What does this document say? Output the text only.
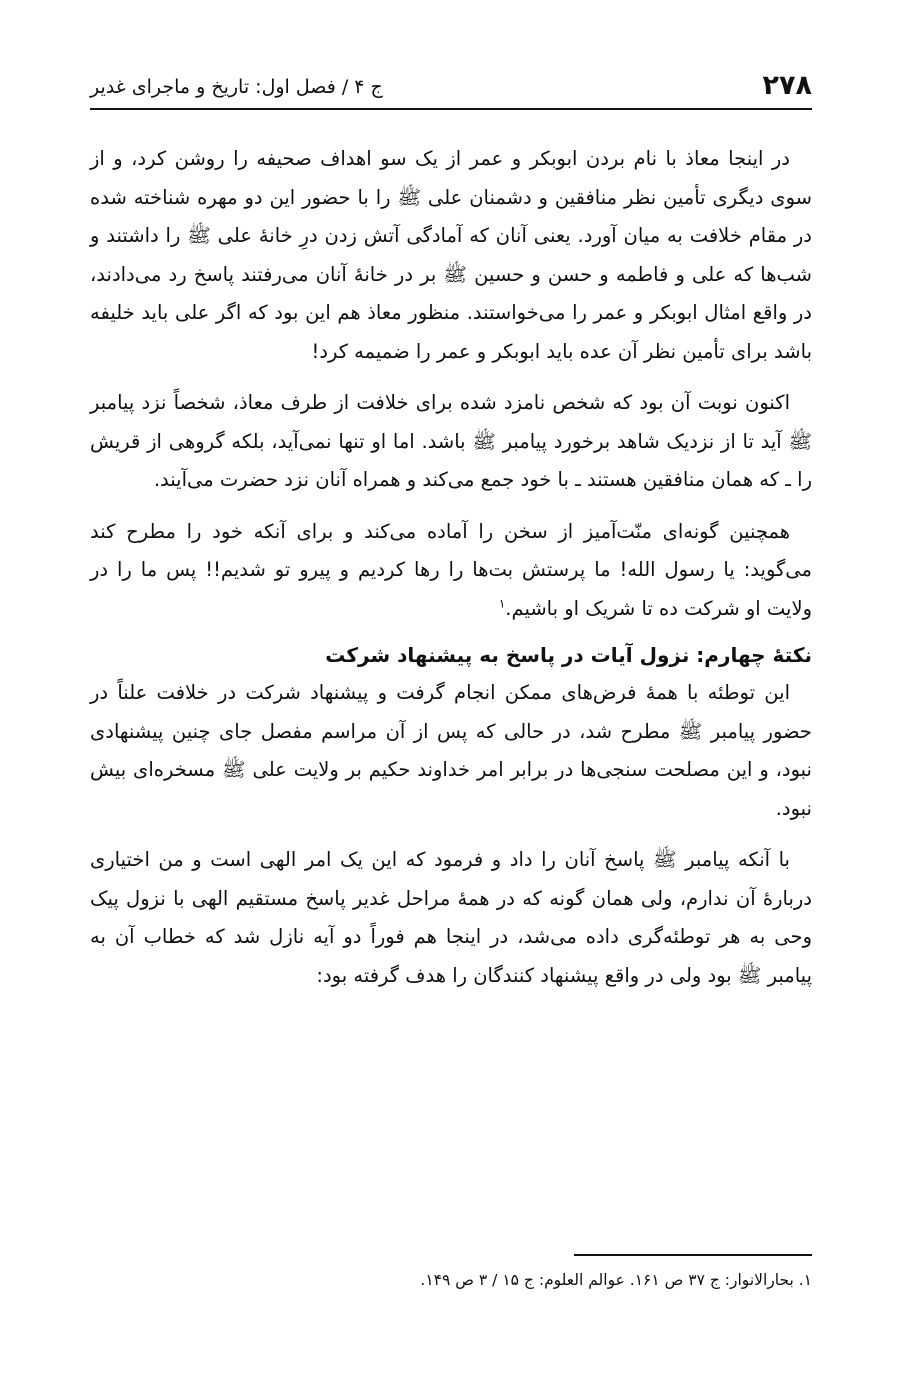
۲۷۸
ج ۴ / فصل اول: تاریخ و ماجرای غدیر

در اینجا معاذ با نام بردن ابوبکر و عمر از یک سو اهداف صحیفه را روشن کرد، و از سوی دیگری تأمین نظر منافقین و دشمنان علی ﷺ را با حضور این دو مهره شناخته شده در مقام خلافت به میان آورد. یعنی آنان که آمادگی آتش زدن درِ خانهٔ علی ﷺ را داشتند و شب‌ها که علی و فاطمه و حسن و حسین ﷺ بر در خانهٔ آنان می‌رفتند پاسخ رد می‌دادند، در واقع امثال ابوبکر و عمر را می‌خواستند. منظور معاذ هم این بود که اگر علی باید خلیفه باشد برای تأمین نظر آن عده باید ابوبکر و عمر را ضمیمه کرد!

اکنون نوبت آن بود که شخص نامزد شده برای خلافت از طرف معاذ، شخصاً نزد پیامبر ﷺ آید تا از نزدیک شاهد برخورد پیامبر ﷺ باشد. اما او تنها نمی‌آید، بلکه گروهی از قریش را ـ که همان منافقین هستند ـ با خود جمع می‌کند و همراه آنان نزد حضرت می‌آیند.

همچنین گونه‌ای منّت‌آمیز از سخن را آماده می‌کند و برای آنکه خود را مطرح کند می‌گوید: یا رسول الله! ما پرستش بت‌ها را رها کردیم و پیرو تو شدیم!! پس ما را در ولایت او شرکت ده تا شریک او باشیم.$^۱$

نکتهٔ چهارم: نزول آیات در پاسخ به پیشنهاد شرکت

این توطئه با همهٔ فرض‌های ممکن انجام گرفت و پیشنهاد شرکت در خلافت علناً در حضور پیامبر ﷺ مطرح شد، در حالی که پس از آن مراسم مفصل جای چنین پیشنهادی نبود، و این مصلحت سنجی‌ها در برابر امر خداوند حکیم بر ولایت علی ﷺ مسخره‌ای بیش نبود.

با آنکه پیامبر ﷺ پاسخ آنان را داد و فرمود که این یک امر الهی است و من اختیاری دربارهٔ آن ندارم، ولی همان گونه که در همهٔ مراحل غدیر پاسخ مستقیم الهی با نزول پیک وحی به هر توطئه‌گری داده می‌شد، در اینجا هم فوراً دو آیه نازل شد که خطاب آن به پیامبر ﷺ بود ولی در واقع پیشنهاد کنندگان را هدف گرفته بود:

۱. بحارالانوار: ج ۳۷ ص ۱۶۱. عوالم العلوم: ج ۱۵ / ۳ ص ۱۴۹.
